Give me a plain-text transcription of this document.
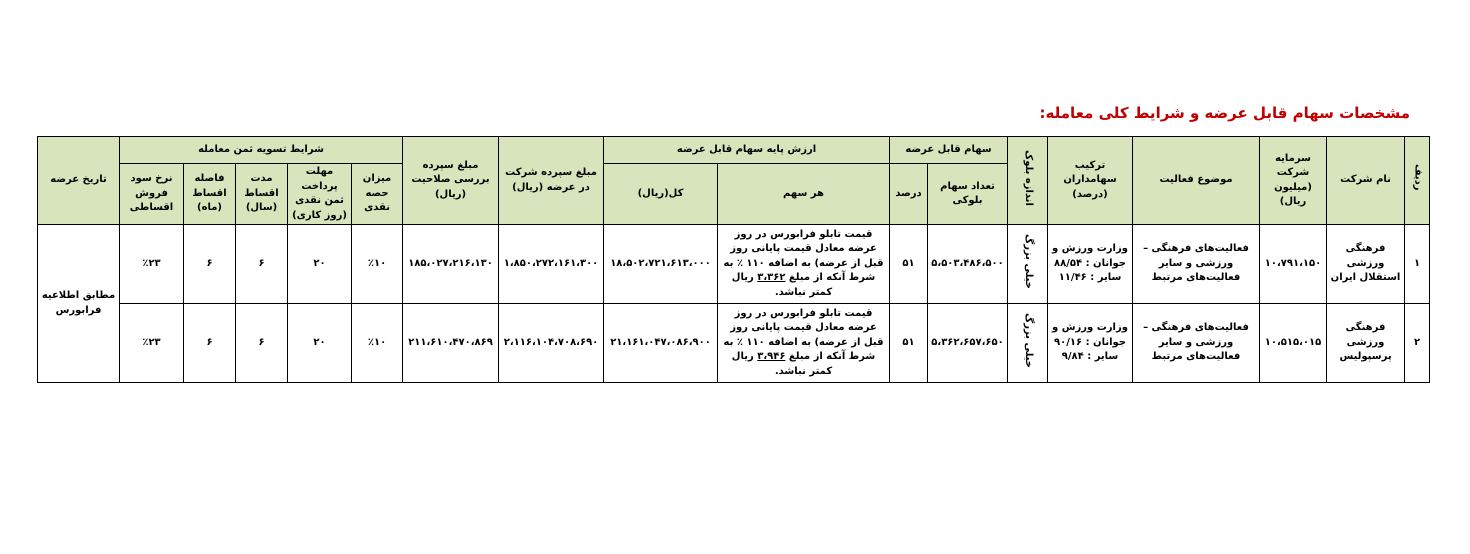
مشخصات سهام قابل عرضه و شرایط کلی معامله:
ردیف	نام شرکت	سرمایه شرکت (میلیون ریال)	موضوع فعالیت	ترکیب سهامداران (درصد)	اندازه بلوک	سهام قابل عرضه		ارزش پایه سهام قابل عرضه		مبلغ سپرده شرکت در عرضه (ریال)	مبلغ سپرده بررسی صلاحیت (ریال)	شرایط تسویه ثمن معامله					تاریخ عرضه
						تعداد سهام بلوکی	درصد	هر سهم	کل(ریال)			میزان حصه نقدی	مهلت پرداخت ثمن نقدی (روز کاری)	مدت اقساط (سال)	فاصله اقساط (ماه)	نرخ سود فروش اقساطی	
۱	فرهنگی ورزشی استقلال ایران	۱۰،۷۹۱،۱۵۰	فعالیت‌های فرهنگی – ورزشی و سایر فعالیت‌های مرتبط	وزارت ورزش و
جوانان : ۸۸/۵۴
سایر : ۱۱/۴۶	خیلی بزرگ	۵،۵۰۳،۴۸۶،۵۰۰	۵۱	قیمت تابلو فرابورس در روز عرضه معادل قیمت پایانی روز قبل از عرضه) به اضافه ۱۱۰ ٪ به شرط آنکه از مبلغ ۳،۳۶۲ ریال کمتر نباشد.	۱۸،۵۰۲،۷۲۱،۶۱۳،۰۰۰	۱،۸۵۰،۲۷۲،۱۶۱،۳۰۰	۱۸۵،۰۲۷،۲۱۶،۱۳۰	٪۱۰	۲۰	۶	۶	٪۲۳	مطابق اطلاعیه فرابورس
۲	فرهنگی ورزشی پرسپولیس	۱۰،۵۱۵،۰۱۵	فعالیت‌های فرهنگی – ورزشی و سایر فعالیت‌های مرتبط	وزارت ورزش و
جوانان : ۹۰/۱۶
سایر : ۹/۸۴	خیلی بزرگ	۵،۳۶۲،۶۵۷،۶۵۰	۵۱	قیمت تابلو فرابورس در روز عرضه معادل قیمت پایانی روز قبل از عرضه) به اضافه ۱۱۰ ٪ به شرط آنکه از مبلغ ۳،۹۴۶ ریال کمتر نباشد.	۲۱،۱۶۱،۰۴۷،۰۸۶،۹۰۰	۲،۱۱۶،۱۰۴،۷۰۸،۶۹۰	۲۱۱،۶۱۰،۴۷۰،۸۶۹	٪۱۰	۲۰	۶	۶	٪۲۳	
